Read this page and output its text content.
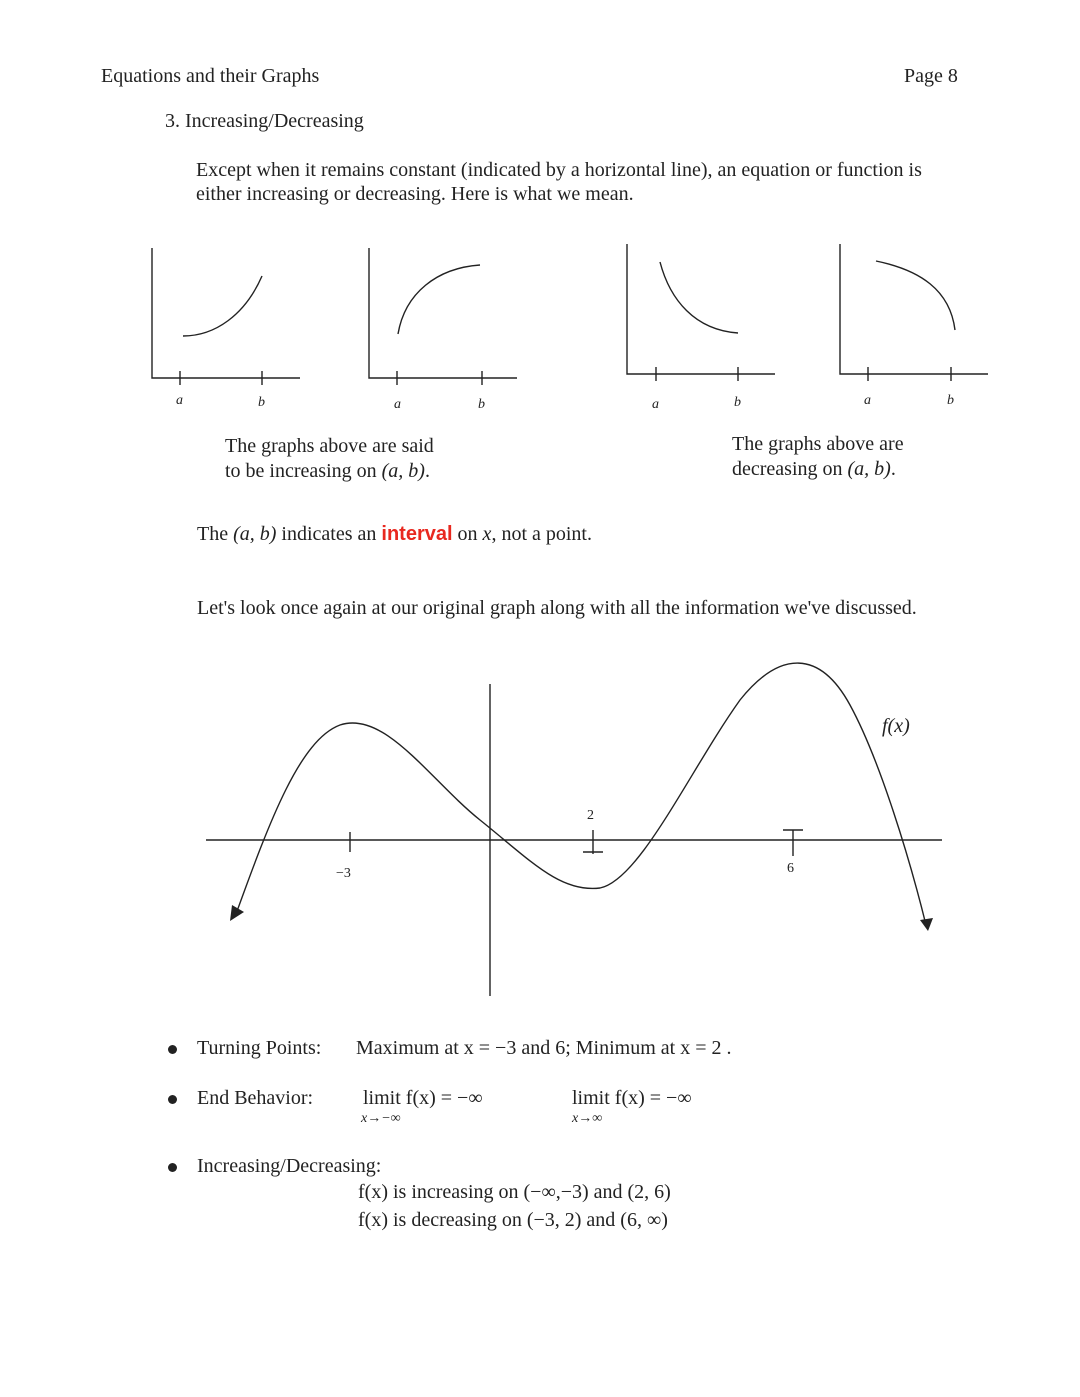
Equations and their Graphs	Page 8
3. Increasing/Decreasing
Except when it remains constant (indicated by a horizontal line), an equation or function is
either increasing or decreasing. Here is what we mean.
a	b	a	b	a	b	a	b
The graphs above are said
to be increasing on (a, b).
The graphs above are
decreasing on (a, b).
The (a, b) indicates an interval on x, not a point.
Let's look once again at our original graph along with all the information we've discussed.
−3
2
6
f(x)
Turning Points: Maximum at x = −3 and 6; Minimum at x = 2 .
End Behavior: limit f(x) = −∞
x→−∞
limit f(x) = −∞
x→∞
Increasing/Decreasing:
f(x) is increasing on (−∞,−3) and (2, 6)
f(x) is decreasing on (−3, 2) and (6, ∞)
